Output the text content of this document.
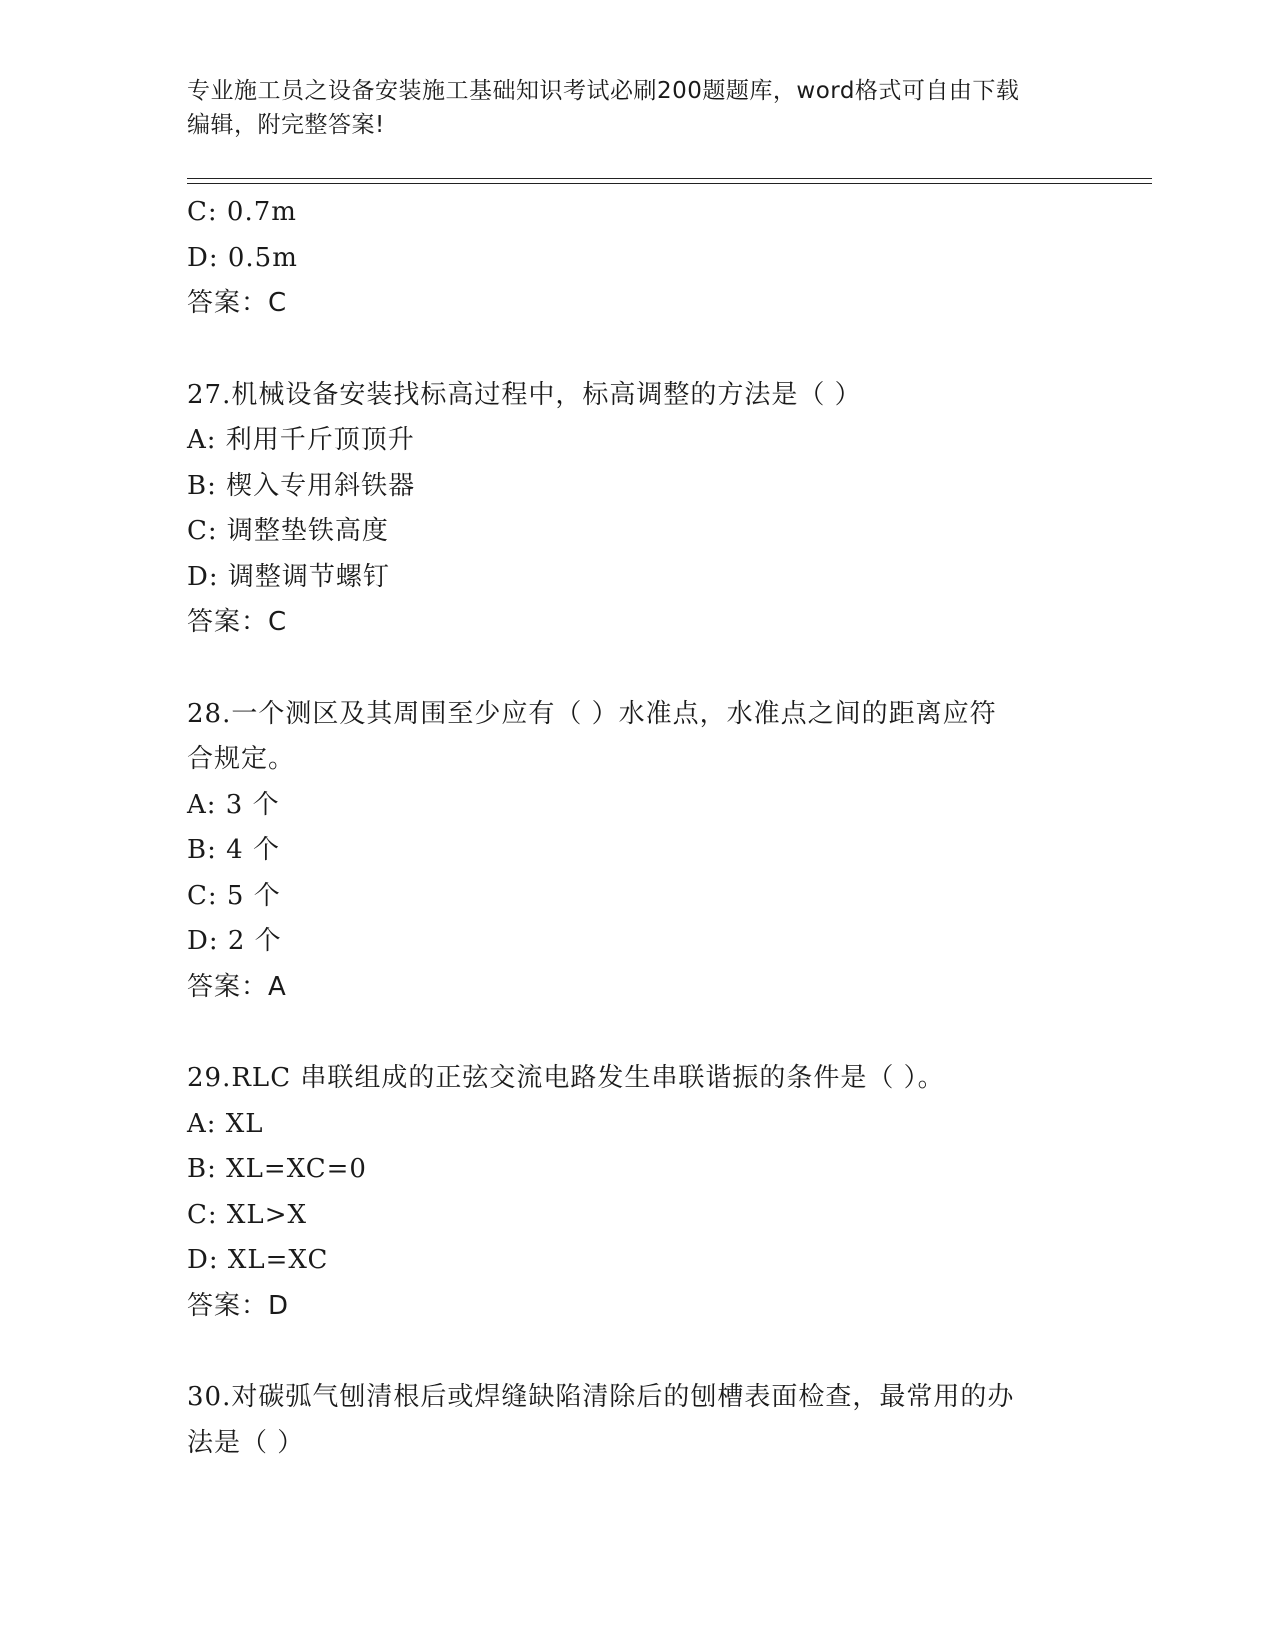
专业施工员之设备安装施工基础知识考试必刷200题题库，word格式可自由下载
编辑，附完整答案!
C: 0.7m
D: 0.5m
答案：C
27.机械设备安装找标高过程中，标高调整的方法是（ ）
A: 利用千斤顶顶升
B: 楔入专用斜铁器
C: 调整垫铁高度
D: 调整调节螺钉
答案：C
28.一个测区及其周围至少应有（ ）水准点，水准点之间的距离应符
合规定。
A: 3 个
B: 4 个
C: 5 个
D: 2 个
答案：A
29.RLC 串联组成的正弦交流电路发生串联谐振的条件是（ ）。
A: XL
B: XL=XC=0
C: XL>X
D: XL=XC
答案：D
30.对碳弧气刨清根后或焊缝缺陷清除后的刨槽表面检查，最常用的办
法是（ ）
